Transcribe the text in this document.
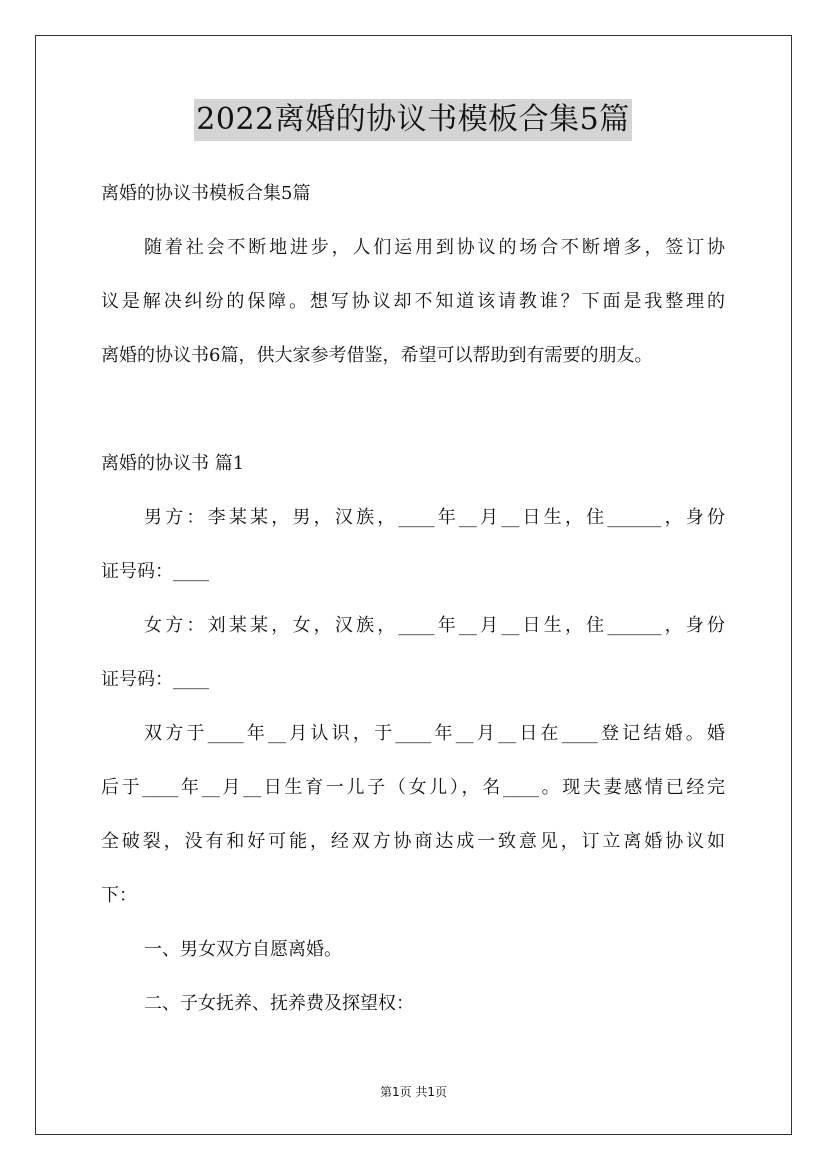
2022离婚的协议书模板合集5篇
离婚的协议书模板合集5篇
随着社会不断地进步，人们运用到协议的场合不断增多，签订协
议是解决纠纷的保障。想写协议却不知道该请教谁？下面是我整理的
离婚的协议书6篇，供大家参考借鉴，希望可以帮助到有需要的朋友。
离婚的协议书 篇1
男方：李某某，男，汉族，____年__月__日生，住______，身份
证号码：____
女方：刘某某，女，汉族，____年__月__日生，住______，身份
证号码：____
双方于____年__月认识，于____年__月__日在____登记结婚。婚
后于____年__月__日生育一儿子（女儿），名____。现夫妻感情已经完
全破裂，没有和好可能，经双方协商达成一致意见，订立离婚协议如
下：
一、男女双方自愿离婚。
二、子女抚养、抚养费及探望权：
第1页 共1页
